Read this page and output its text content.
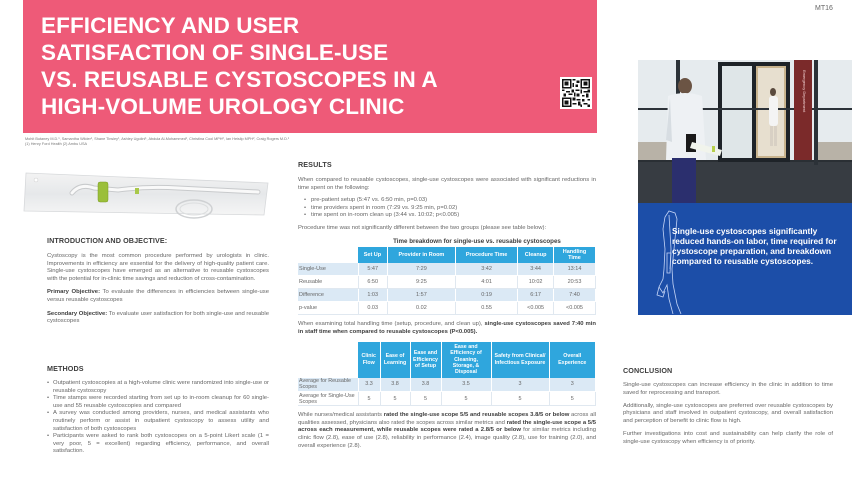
EFFICIENCY AND USER
SATISFACTION OF SINGLE-USE
VS. REUSABLE CYSTOSCOPES IN A
HIGH-VOLUME UROLOGY CLINIC
Mohit Butaney M.D.¹, Samantha Wilder¹, Shane Tinsley¹, Ashley Ugolini¹, Abdula Al-Mohammed¹, Christina Cool MPH², Ian Heislip MPH², Craig Rogers M.D.¹
(1) Henry Ford Health (2) Ambu USA
MT16
INTRODUCTION AND OBJECTIVE:

Cystoscopy is the most common procedure performed by urologists in clinic. Improvements in efficiency are essential for the delivery of high-quality patient care. Single-use cystoscopes have emerged as an alternative to reusable cystoscopes with the potential for in-clinic time savings and reduction of cross-contamination.

Primary Objective: To evaluate the differences in efficiencies between single-use versus reusable cystoscopes

Secondary Objective: To evaluate user satisfaction for both single-use and reusable cystoscopes

METHODS
• Outpatient cystoscopies at a high-volume clinic were randomized into single-use or reusable cystoscopy
• Time stamps were recorded starting from set up to in-room cleanup for 60 single-use and 55 reusable cystoscopies and compared
• A survey was conducted among providers, nurses, and medical assistants who routinely perform or assist in outpatient cystoscopy to assess utility and satisfaction of both cystoscopes
• Participants were asked to rank both cystoscopes on a 5-point Likert scale (1 = very poor, 5 = excellent) regarding efficiency, performance, and overall satisfaction.
RESULTS

When compared to reusable cystoscopes, single-use cystoscopes were associated with significant reductions in time spent on the following:

• pre-patient setup (5:47 vs. 6:50 min, p=0.03)
• time providers spent in room (7:29 vs. 9:25 min, p=0.02)
• time spent on in-room clean up (3:44 vs. 10:02; p<0.005)

Procedure time was not significantly different between the two groups (please see table below):

Time breakdown for single-use vs. reusable cystoscopes
	Set Up	Provider in Room	Procedure Time	Cleanup	Handling Time
Single-Use	5:47	7:29	3:42	3:44	13:14
Reusable	6:50	9:25	4:01	10:02	20:53
Difference	1:03	1:57	0:19	6:17	7:40
p-value	0.03	0.02	0.55	<0.005	<0.005

When examining total handling time (setup, procedure, and clean up), single-use cystoscopes saved 7:40 min in staff time when compared to reusable cystoscopes (P<0.005).

	Clinic Flow	Ease of Learning	Ease and Efficiency of Setup	Ease and Efficiency of Cleaning, Storage, & Disposal	Safety from Clinical/ Infectious Exposure	Overall Experience
Average for Reusable Scopes	3.3	3.8	3.8	3.5	3	3
Average for Single-Use Scopes	5	5	5	5	5	5

While nurses/medical assistants rated the single-use scope 5/5 and reusable scopes 3.8/5 or below across all qualities assessed, physicians also rated the scopes across similar metrics and rated the single-use scope a 5/5 across each measurement, while reusable scopes were rated a 2.8/5 or below for similar metrics including clinic flow (2.8), ease of use (2.8), reliability in performance (2.4), image quality (2.8), use for training (2.0), and overall experience (2.8).

Emergency Department
Single-use cystoscopes significantly reduced hands-on labor, time required for cystoscope preparation, and breakdown compared to reusable cystoscopes.
CONCLUSION

Single-use cystoscopes can increase efficiency in the clinic in addition to time saved for reprocessing and transport.

Additionally, single-use cystoscopes are preferred over reusable cystoscopes by physicians and staff involved in outpatient cystoscopy, and overall satisfaction and perception of benefit to clinic flow is high.

Further investigations into cost and sustainability can help clarify the role of single-use cystoscopy when efficiency is of priority.
